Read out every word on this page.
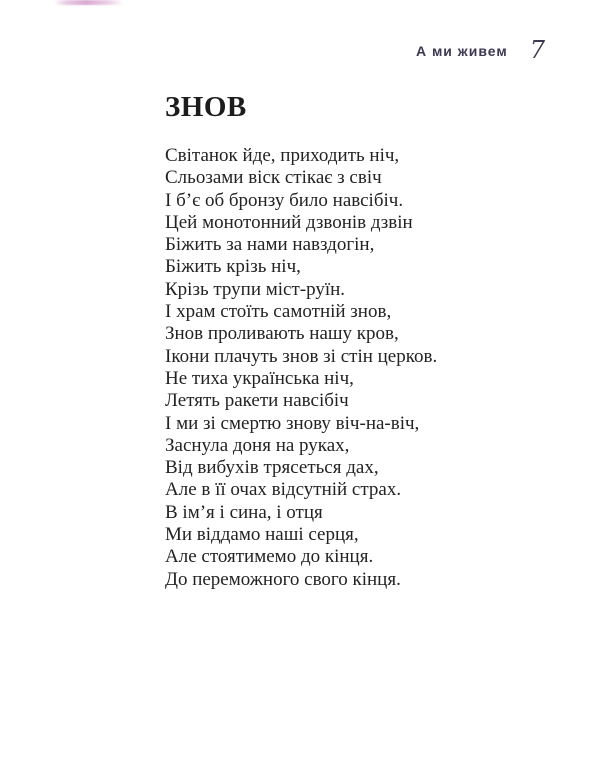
А ми живем 7
ЗНОВ
Світанок йде, приходить ніч,
Сльозами віск стікає з свіч
І б’є об бронзу било навсібіч.
Цей монотонний дзвонів дзвін
Біжить за нами навздогін,
Біжить крізь ніч,
Крізь трупи міст-руїн.
І храм стоїть самотній знов,
Знов проливають нашу кров,
Ікони плачуть знов зі стін церков.
Не тиха українська ніч,
Летять ракети навсібіч
І ми зі смертю знову віч-на-віч,
Заснула доня на руках,
Від вибухів трясеться дах,
Але в її очах відсутній страх.
В ім’я і сина, і отця
Ми віддамо наші серця,
Але стоятимемо до кінця.
До переможного свого кінця.
